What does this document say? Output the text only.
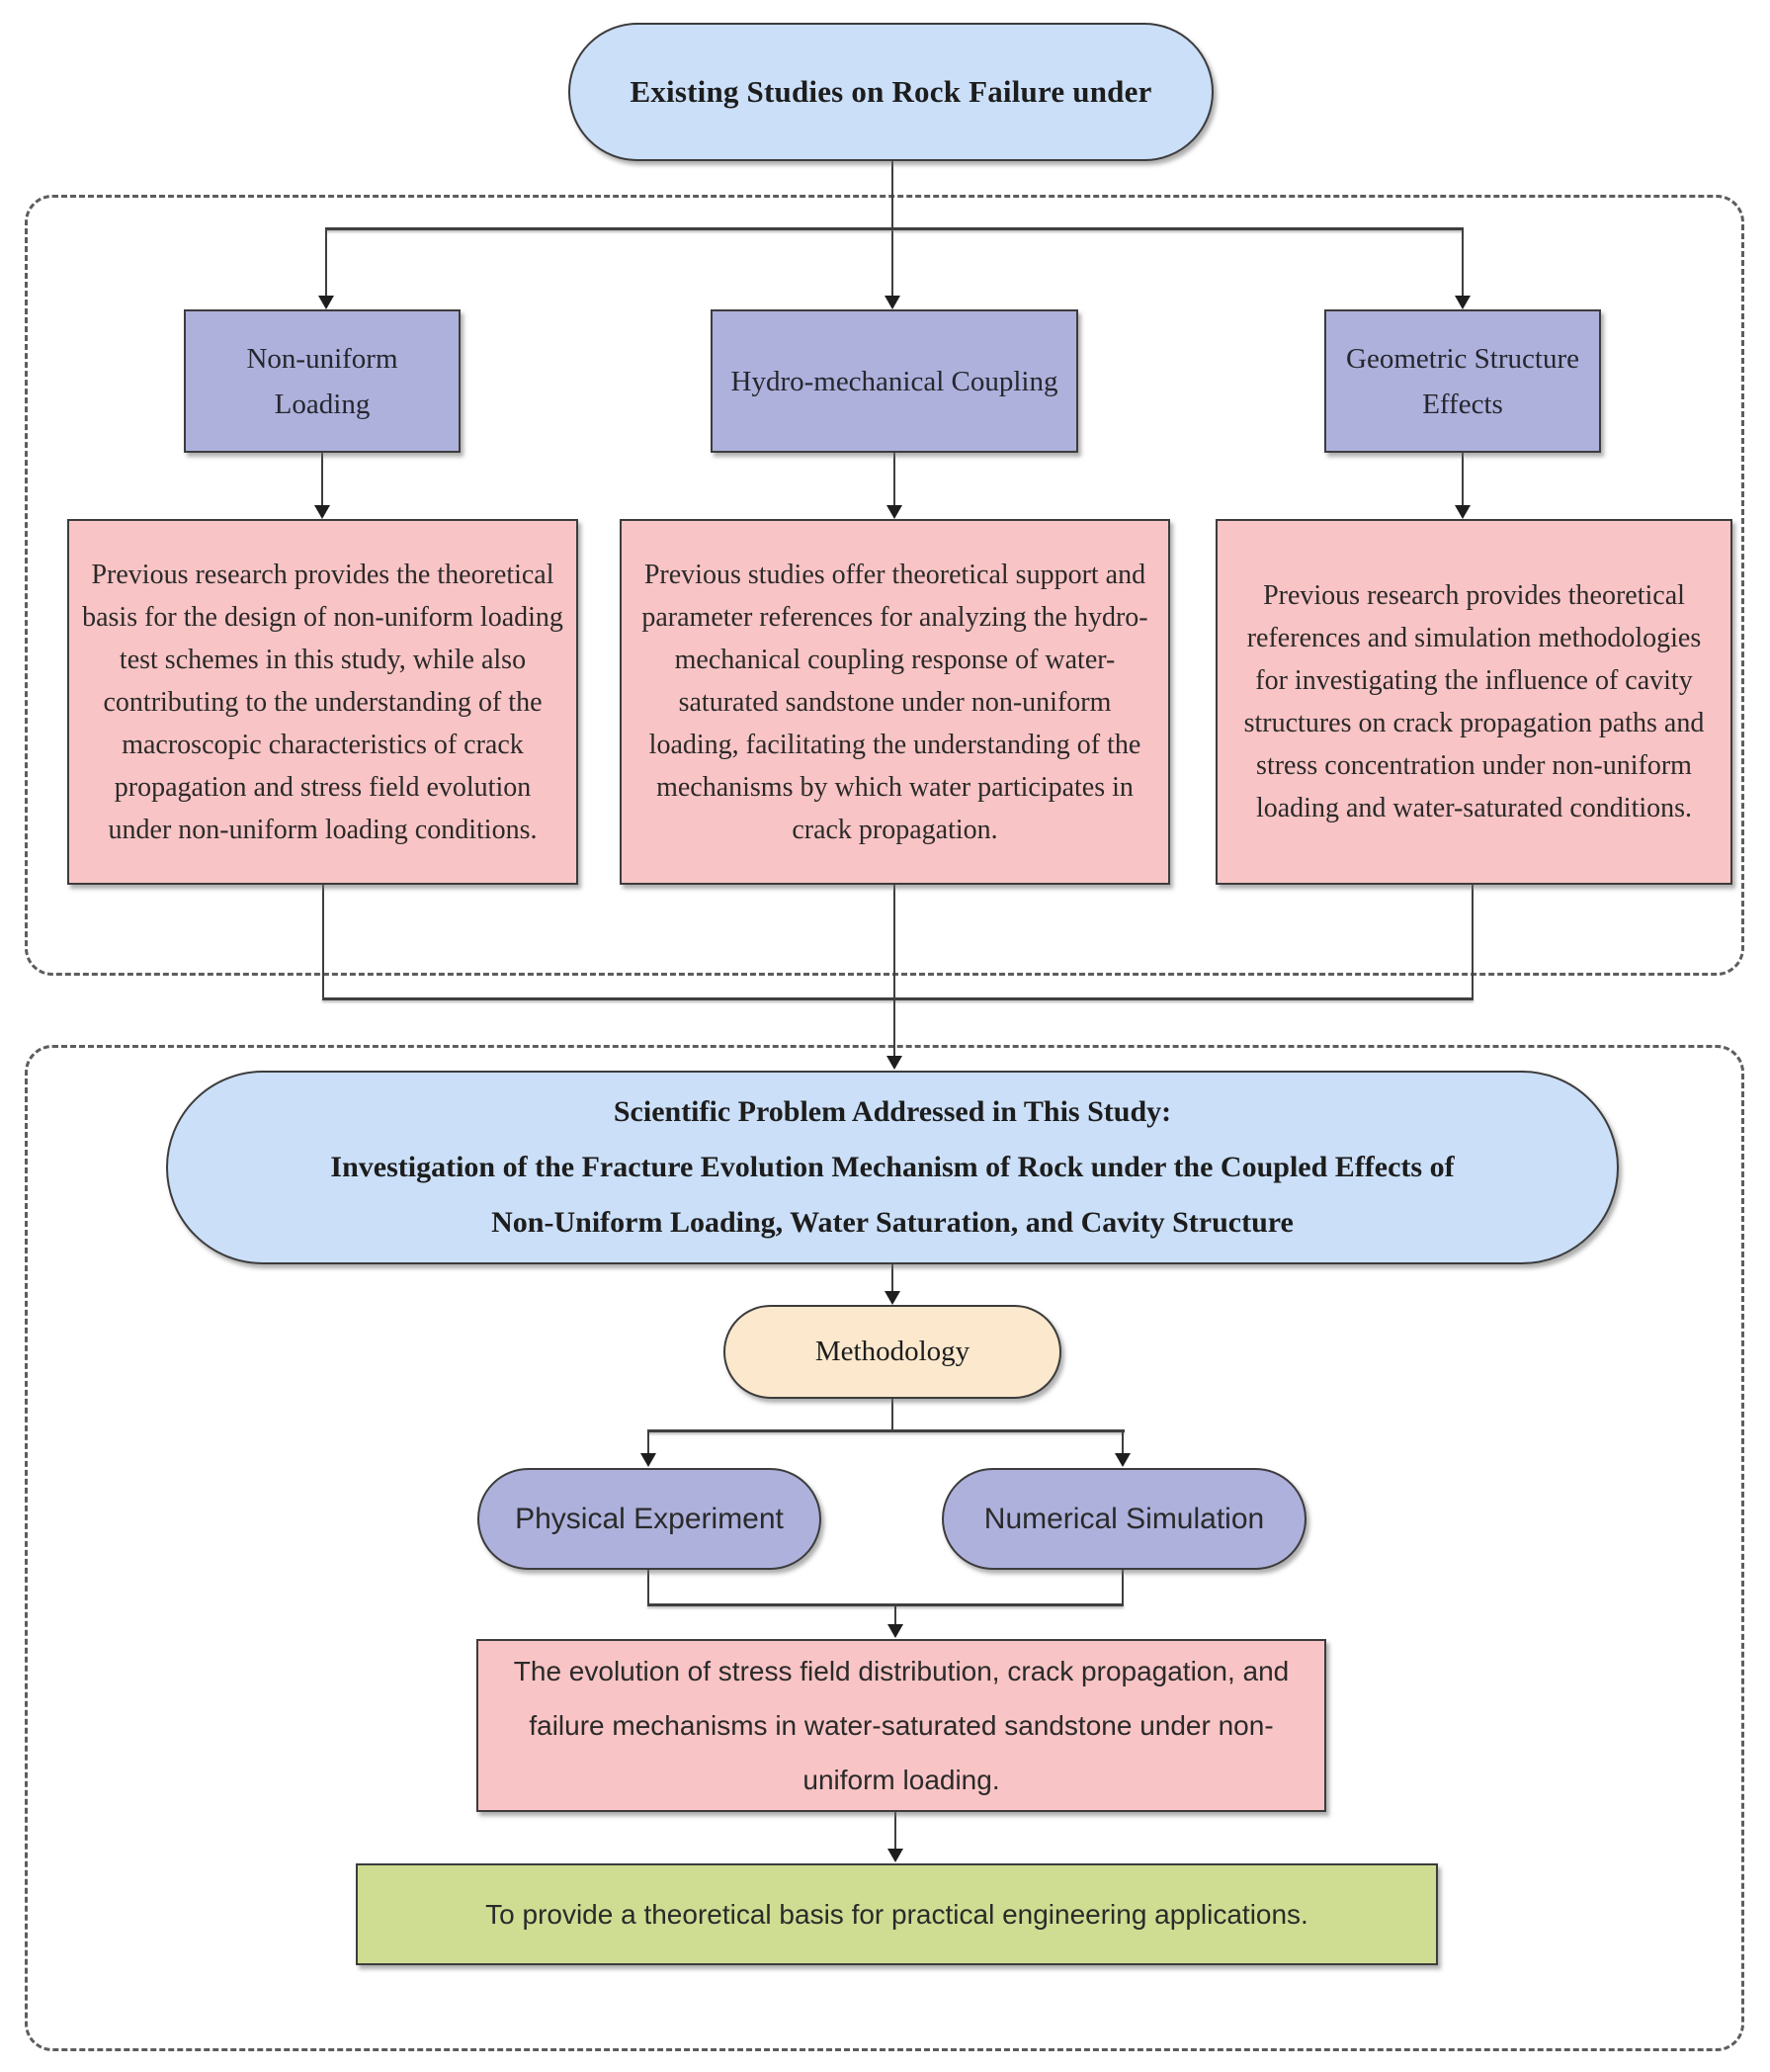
Existing Studies on Rock Failure under
Non-uniform Loading
Hydro-mechanical Coupling
Geometric Structure Effects
Previous research provides the theoretical basis for the design of non-uniform loading test schemes in this study, while also contributing to the understanding of the macroscopic characteristics of crack propagation and stress field evolution under non-uniform loading conditions.
Previous studies offer theoretical support and parameter references for analyzing the hydro-mechanical coupling response of water-saturated sandstone under non-uniform loading, facilitating the understanding of the mechanisms by which water participates in crack propagation.
Previous research provides theoretical references and simulation methodologies for investigating the influence of cavity structures on crack propagation paths and stress concentration under non-uniform loading and water-saturated conditions.
Scientific Problem Addressed in This Study:
Investigation of the Fracture Evolution Mechanism of Rock under the Coupled Effects of
Non-Uniform Loading, Water Saturation, and Cavity Structure
Methodology
Physical Experiment	Numerical Simulation
The evolution of stress field distribution, crack propagation, and failure mechanisms in water-saturated sandstone under non-uniform loading.
To provide a theoretical basis for practical engineering applications.
